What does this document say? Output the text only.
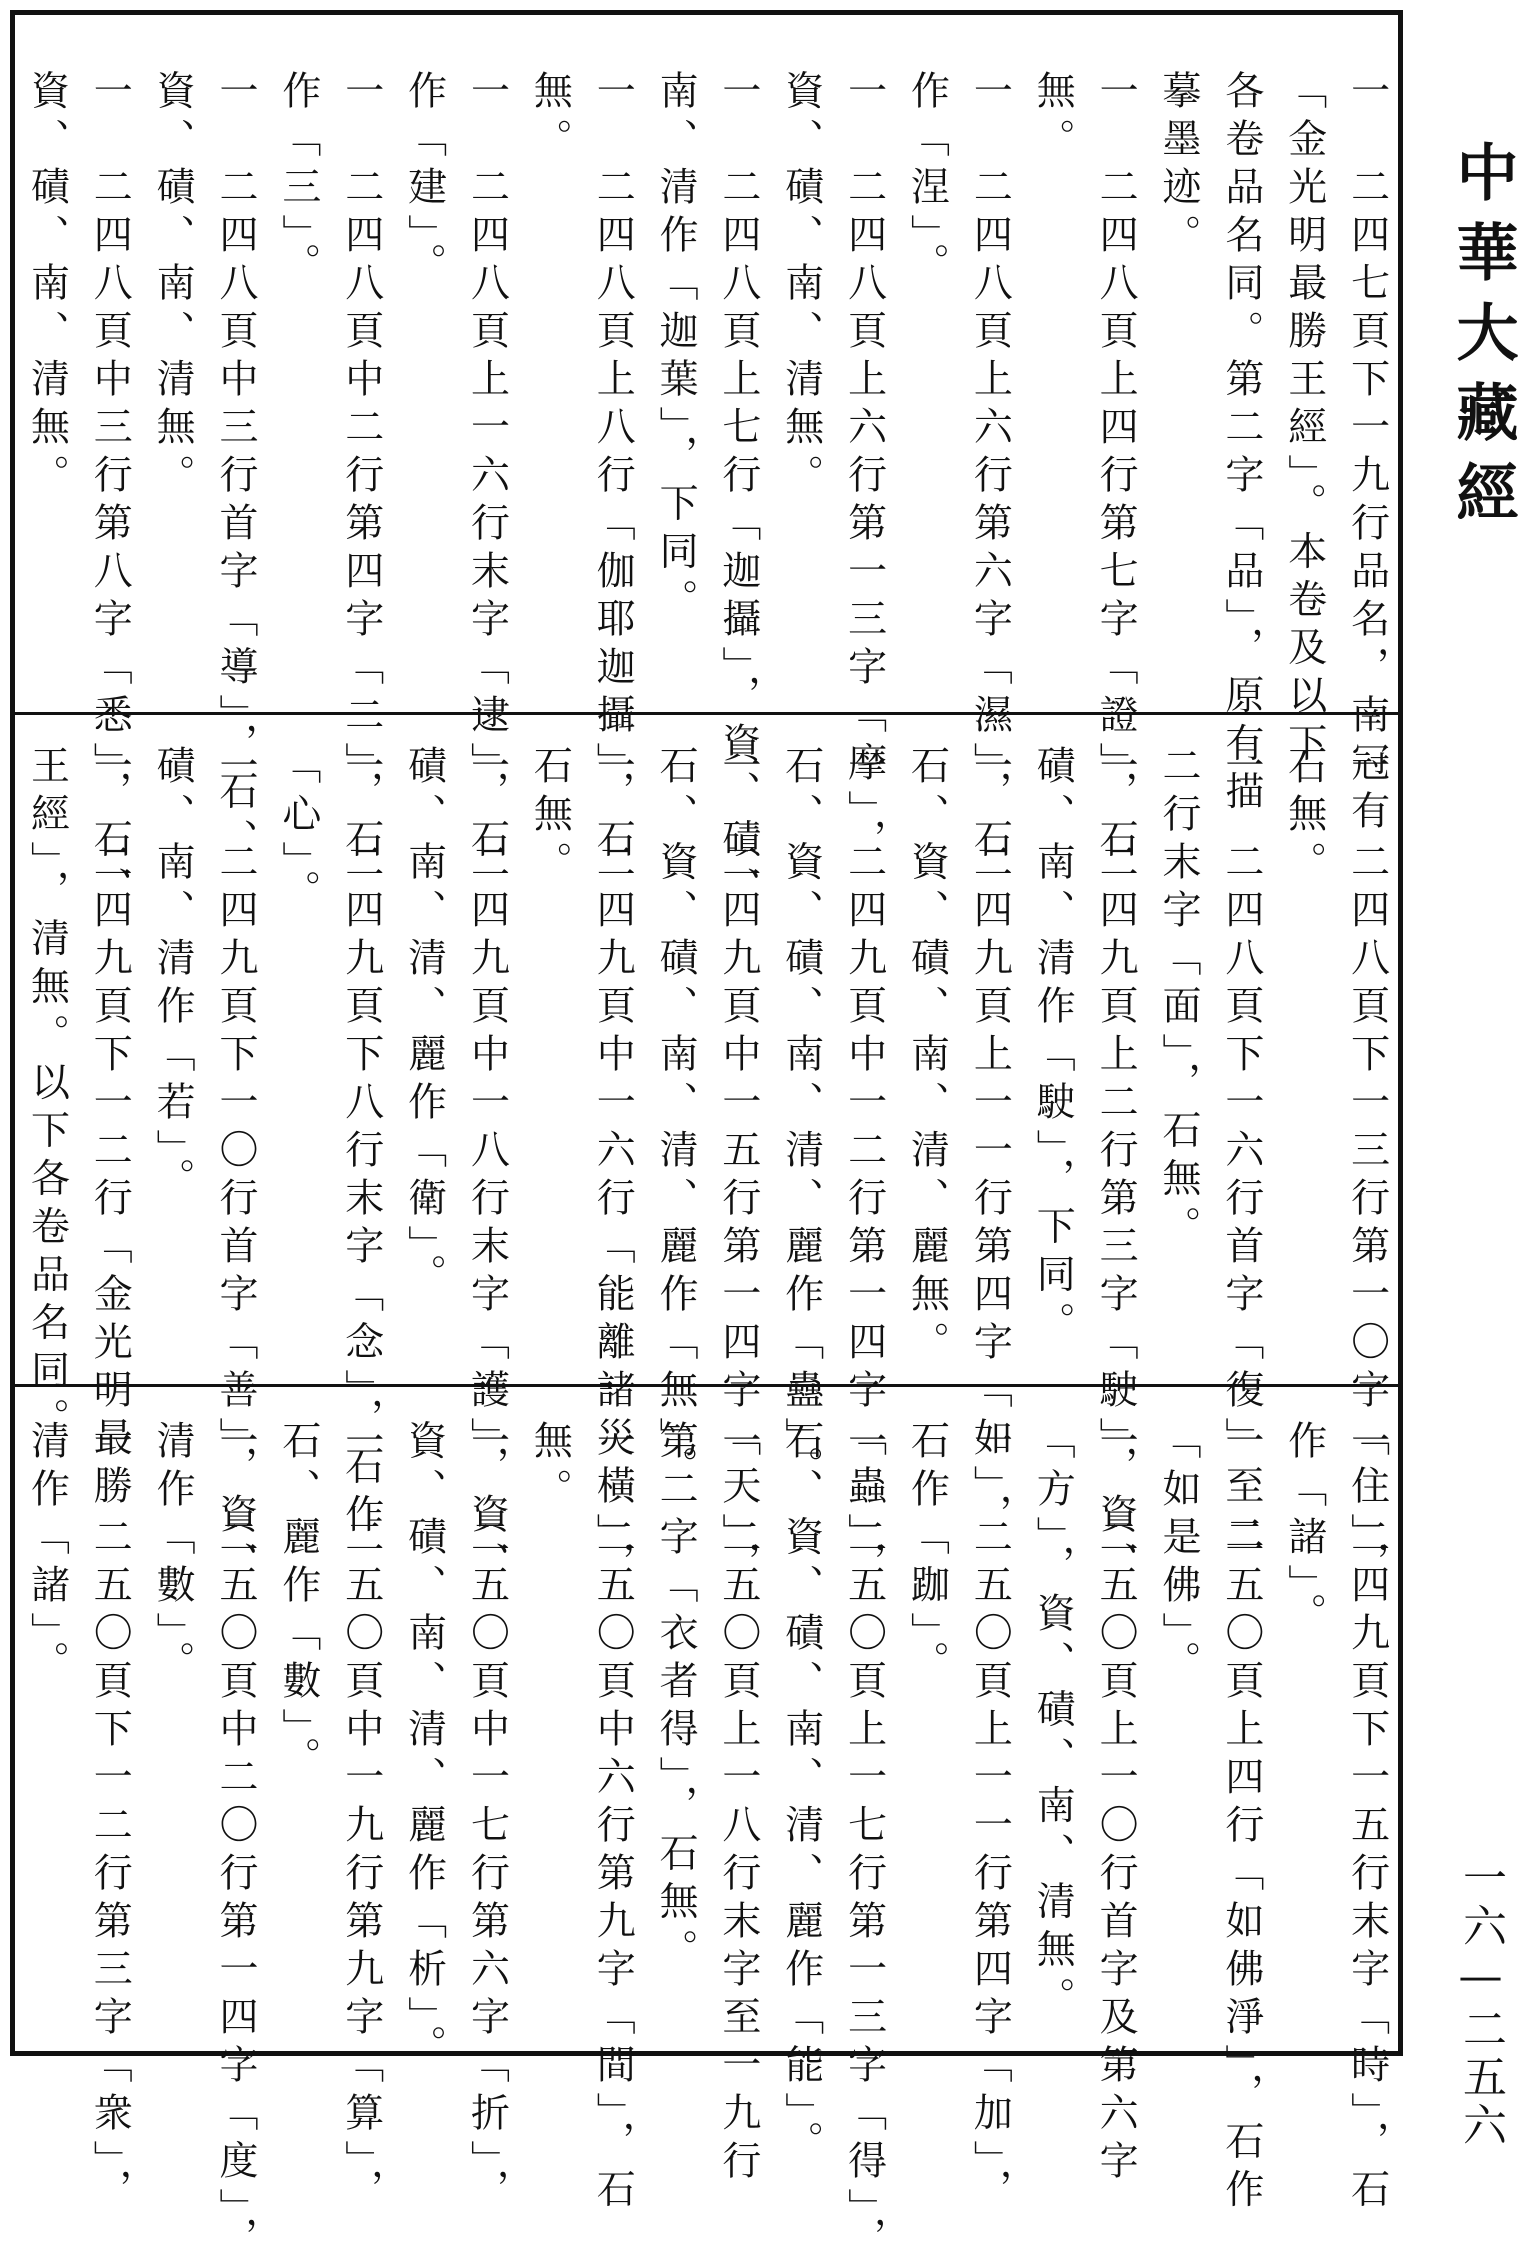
一　二四七頁下一九行品名，南冠有
「金光明最勝王經」。本卷及以下
各卷品名同。第二字「品」，原有描
摹墨迹。
一　二四八頁上四行第七字「證」，石
無。
一　二四八頁上六行第六字「濕」，石
作「涅」。
一　二四八頁上六行第一三字「摩」，
資、磧、南、清無。
一　二四八頁上七行「迦攝」，資、磧、
南、清作「迦葉」，下同。
一　二四八頁上八行「伽耶迦攝」，石
無。
一　二四八頁上一六行末字「逮」，石
作「建」。
一　二四八頁中二行第四字「二」，石
作「三」。
一　二四八頁中三行首字「導」，石、
資、磧、南、清無。
一　二四八頁中三行第八字「悉」，石、
資、磧、南、清無。
一　二四八頁下一三行第一〇字「住」，
石無。
一　二四八頁下一六行首字「復」至二
二行末字「面」，石無。
一　二四九頁上二行第三字「駛」，資、
磧、南、清作「駛」，下同。
一　二四九頁上一一行第四字「如」，
石、資、磧、南、清、麗無。
一　二四九頁中一二行第一四字「蟲」，
石、資、磧、南、清、麗作「蠱」。
一　二四九頁中一五行第一四字「天」，
石、資、磧、南、清、麗作「無」。
一　二四九頁中一六行「能離諸災橫」，
石無。
一　二四九頁中一八行末字「護」，資、
磧、南、清、麗作「衛」。
一　二四九頁下八行末字「念」，石作
「心」。
一　二四九頁下一〇行首字「善」，資、
磧、南、清作「若」。
一　二四九頁下一二行「金光明最勝
王經」，清無。以下各卷品名同。
一　二四九頁下一五行末字「時」，石
作「諸」。
一　二五〇頁上四行「如佛淨」，石作
「如是佛」。
一　二五〇頁上一〇行首字及第六字
「方」，資、磧、南、清無。
一　二五〇頁上一一行第四字「加」，
石作「跏」。
一　二五〇頁上一七行第一三字「得」，
石、資、磧、南、清、麗作「能」。
一　二五〇頁上一八行末字至一九行
第二字「衣者得」，石無。
一　二五〇頁中六行第九字「間」，石
無。
一　二五〇頁中一七行第六字「折」，
資、磧、南、清、麗作「析」。
一　二五〇頁中一九行第九字「算」，
石、麗作「數」。
一　二五〇頁中二〇行第一四字「度」，
清作「數」。
一　二五〇頁下一二行第三字「衆」，
清作「諸」。
中華大藏經
一六—二五六
